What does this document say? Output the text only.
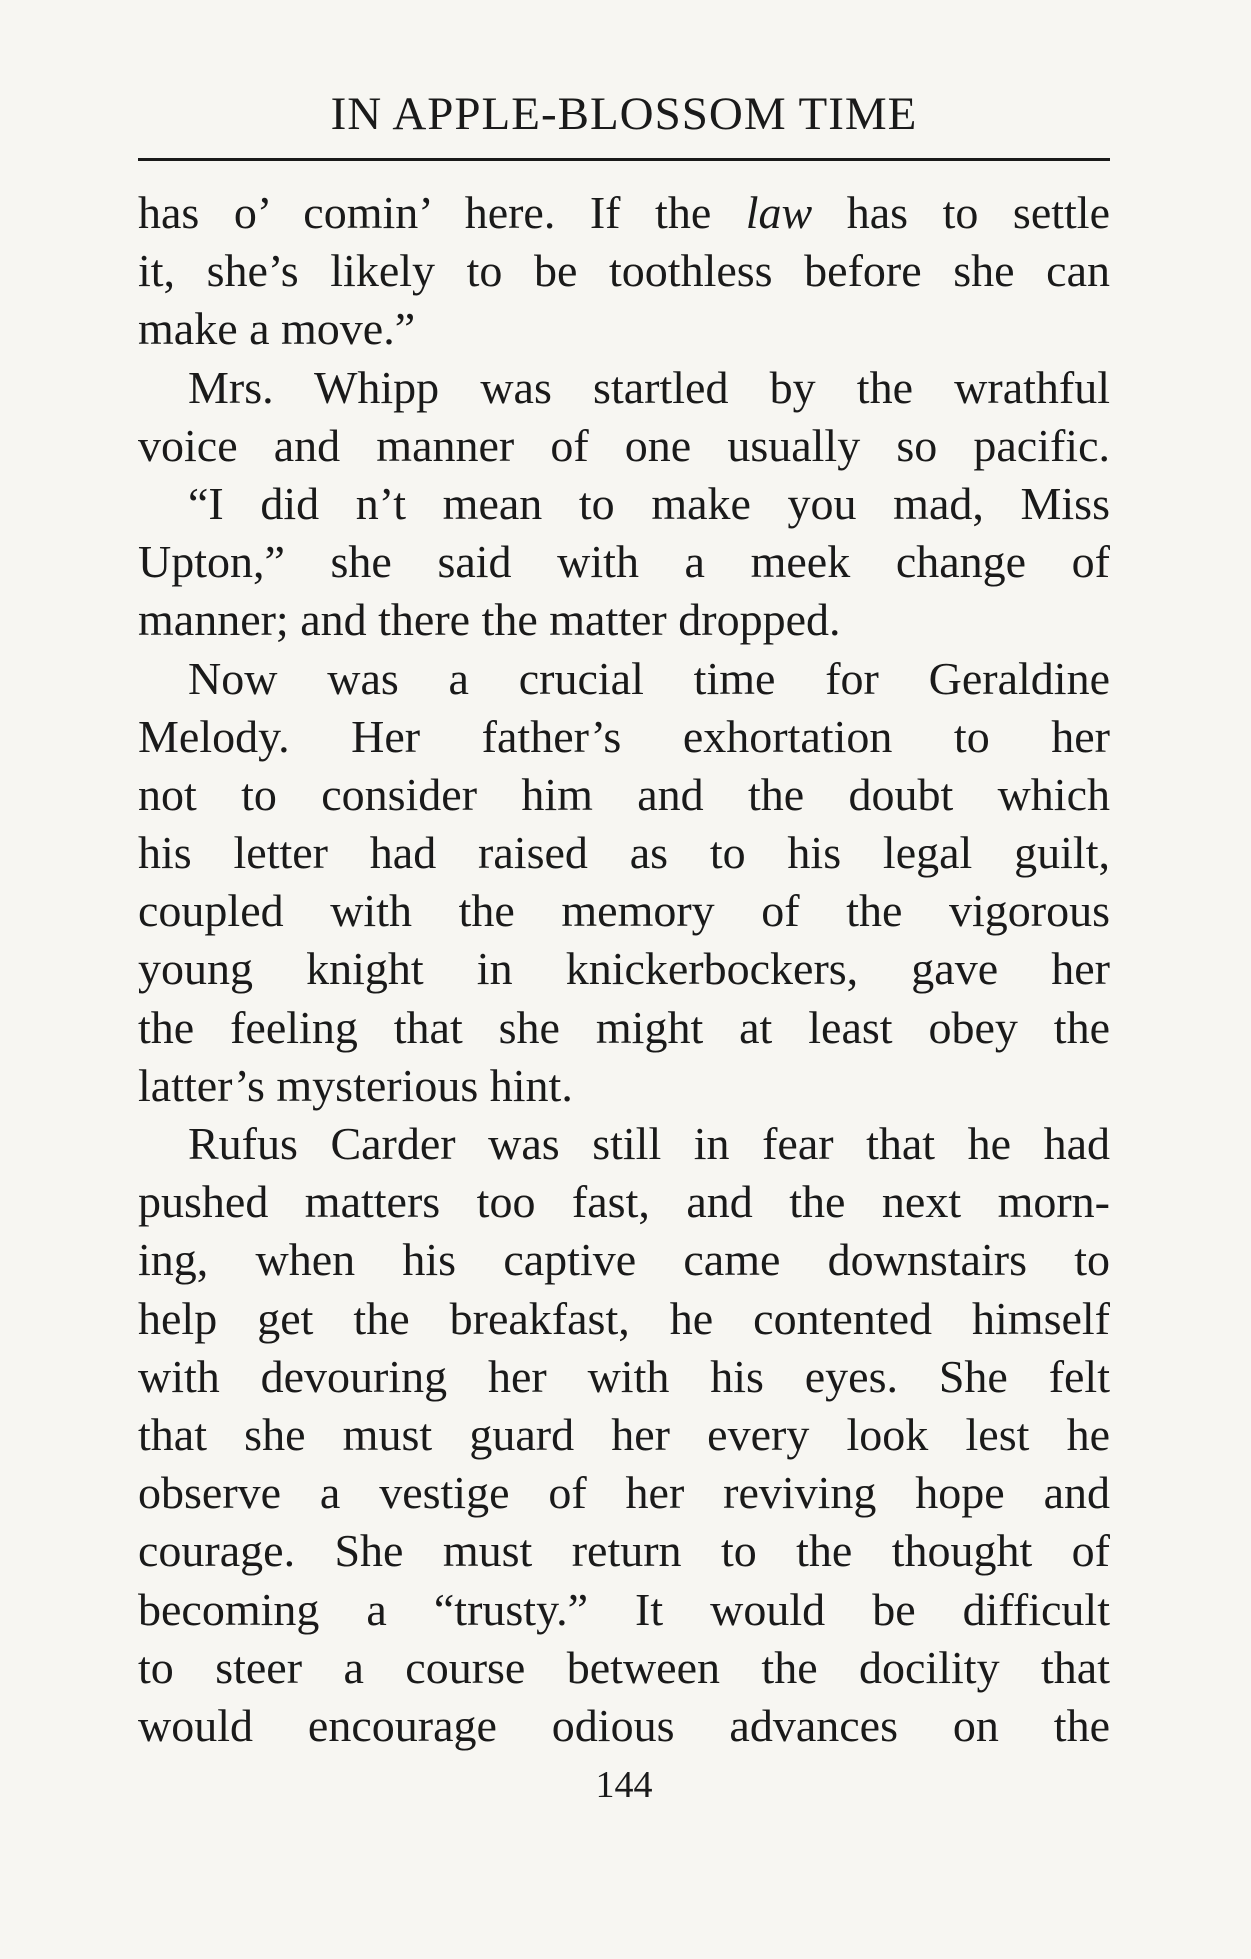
IN APPLE-BLOSSOM TIME
has o’ comin’ here. If the law has to settle
it, she’s likely to be toothless before she can
make a move.”
Mrs. Whipp was startled by the wrathful
voice and manner of one usually so pacific.
“I did n’t mean to make you mad, Miss
Upton,” she said with a meek change of
manner; and there the matter dropped.
Now was a crucial time for Geraldine
Melody. Her father’s exhortation to her
not to consider him and the doubt which
his letter had raised as to his legal guilt,
coupled with the memory of the vigorous
young knight in knickerbockers, gave her
the feeling that she might at least obey the
latter’s mysterious hint.
Rufus Carder was still in fear that he had
pushed matters too fast, and the next morn-
ing, when his captive came downstairs to
help get the breakfast, he contented himself
with devouring her with his eyes. She felt
that she must guard her every look lest he
observe a vestige of her reviving hope and
courage. She must return to the thought of
becoming a “trusty.” It would be difficult
to steer a course between the docility that
would encourage odious advances on the
144
